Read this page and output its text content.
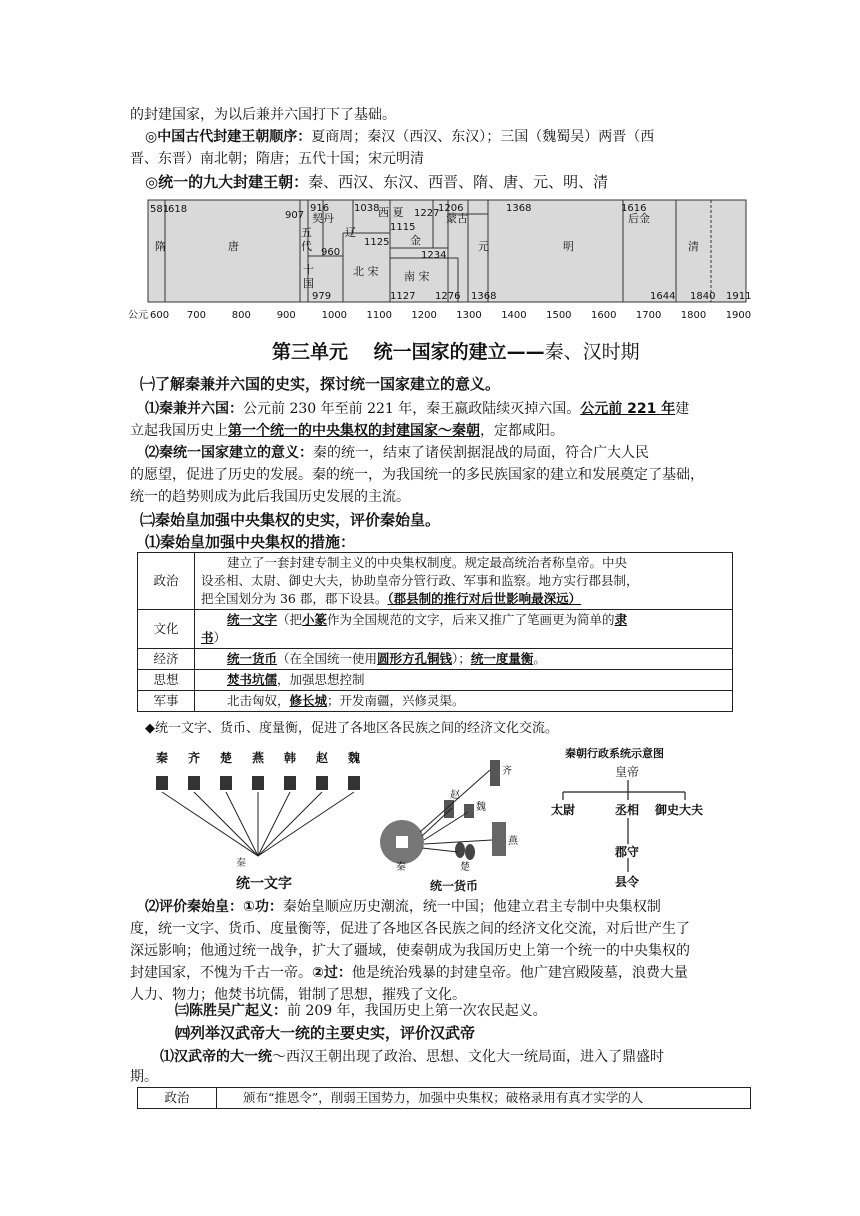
的封建国家，为以后兼并六国打下了基础。
◎中国古代封建王朝顺序：夏商周；秦汉（西汉、东汉）；三国（魏蜀吴）两晋（西
晋、东晋）南北朝；隋唐；五代十国；宋元明清
◎统一的九大封建王朝：秦、西汉、东汉、西晋、隋、唐、元、明、清
581
618
907
916 1038	1227
1206
1115
1125
960	1234
979	1127 1276 1368
1368	1616
1644 1840 1911
隋	唐
契丹
五
代
辽
十
国
北 宋
西 夏
金
蒙古
南 宋
元	明
后金
清
600 700	800	900	1000 1100 1200 1300 1400 1500 1600 1700 1800 1900
公元
第三单元　 统一国家的建立——秦、汉时期
㈠了解秦兼并六国的史实，探讨统一国家建立的意义。
⑴秦兼并六国：公元前 230 年至前 221 年，秦王嬴政陆续灭掉六国。公元前 221 年建
立起我国历史上第一个统一的中央集权的封建国家～秦朝，定都咸阳。
⑵秦统一国家建立的意义：秦的统一，结束了诸侯割据混战的局面，符合广大人民
的愿望，促进了历史的发展。秦的统一，为我国统一的多民族国家的建立和发展奠定了基础，
统一的趋势则成为此后我国历史发展的主流。
㈡秦始皇加强中央集权的史实，评价秦始皇。
⑴秦始皇加强中央集权的措施：
政治	建立了一套封建专制主义的中央集权制度。规定最高统治者称皇帝。中央
设丞相、太尉、御史大夫，协助皇帝分管行政、军事和监察。地方实行郡县制，
把全国划分为 36 郡，郡下设县。（郡县制的推行对后世影响最深远）

文化	统一文字（把小篆作为全国规范的文字，后来又推广了笔画更为简单的隶
书）

经济	统一货币（在全国统一使用圆形方孔铜钱）；统一度量衡。
思想	焚书坑儒，加强思想控制
军事	北击匈奴，修长城；开发南疆，兴修灵渠。
◆统一文字、货币、度量衡，促进了各地区各民族之间的经济文化交流。
秦 齐 楚 燕 韩 赵 魏
秦
统一文字
齐
赵
魏
燕
楚
秦
统一货币
秦朝行政系统示意图
皇帝
太尉	丞相 御史大夫
郡守
县令
⑵评价秦始皇：①功：秦始皇顺应历史潮流，统一中国；他建立君主专制中央集权制
度，统一文字、货币、度量衡等，促进了各地区各民族之间的经济文化交流，对后世产生了
深远影响；他通过统一战争，扩大了疆域，使秦朝成为我国历史上第一个统一的中央集权的
封建国家，不愧为千古一帝。②过：他是统治残暴的封建皇帝。他广建宫殿陵墓，浪费大量
人力、物力；他焚书坑儒，钳制了思想，摧残了文化。
㈢陈胜吴广起义：前 209 年，我国历史上第一次农民起义。
㈣列举汉武帝大一统的主要史实，评价汉武帝
⑴汉武帝的大一统～西汉王朝出现了政治、思想、文化大一统局面，进入了鼎盛时
期。
政治	颁布“推恩令”，削弱王国势力，加强中央集权；破格录用有真才实学的人
